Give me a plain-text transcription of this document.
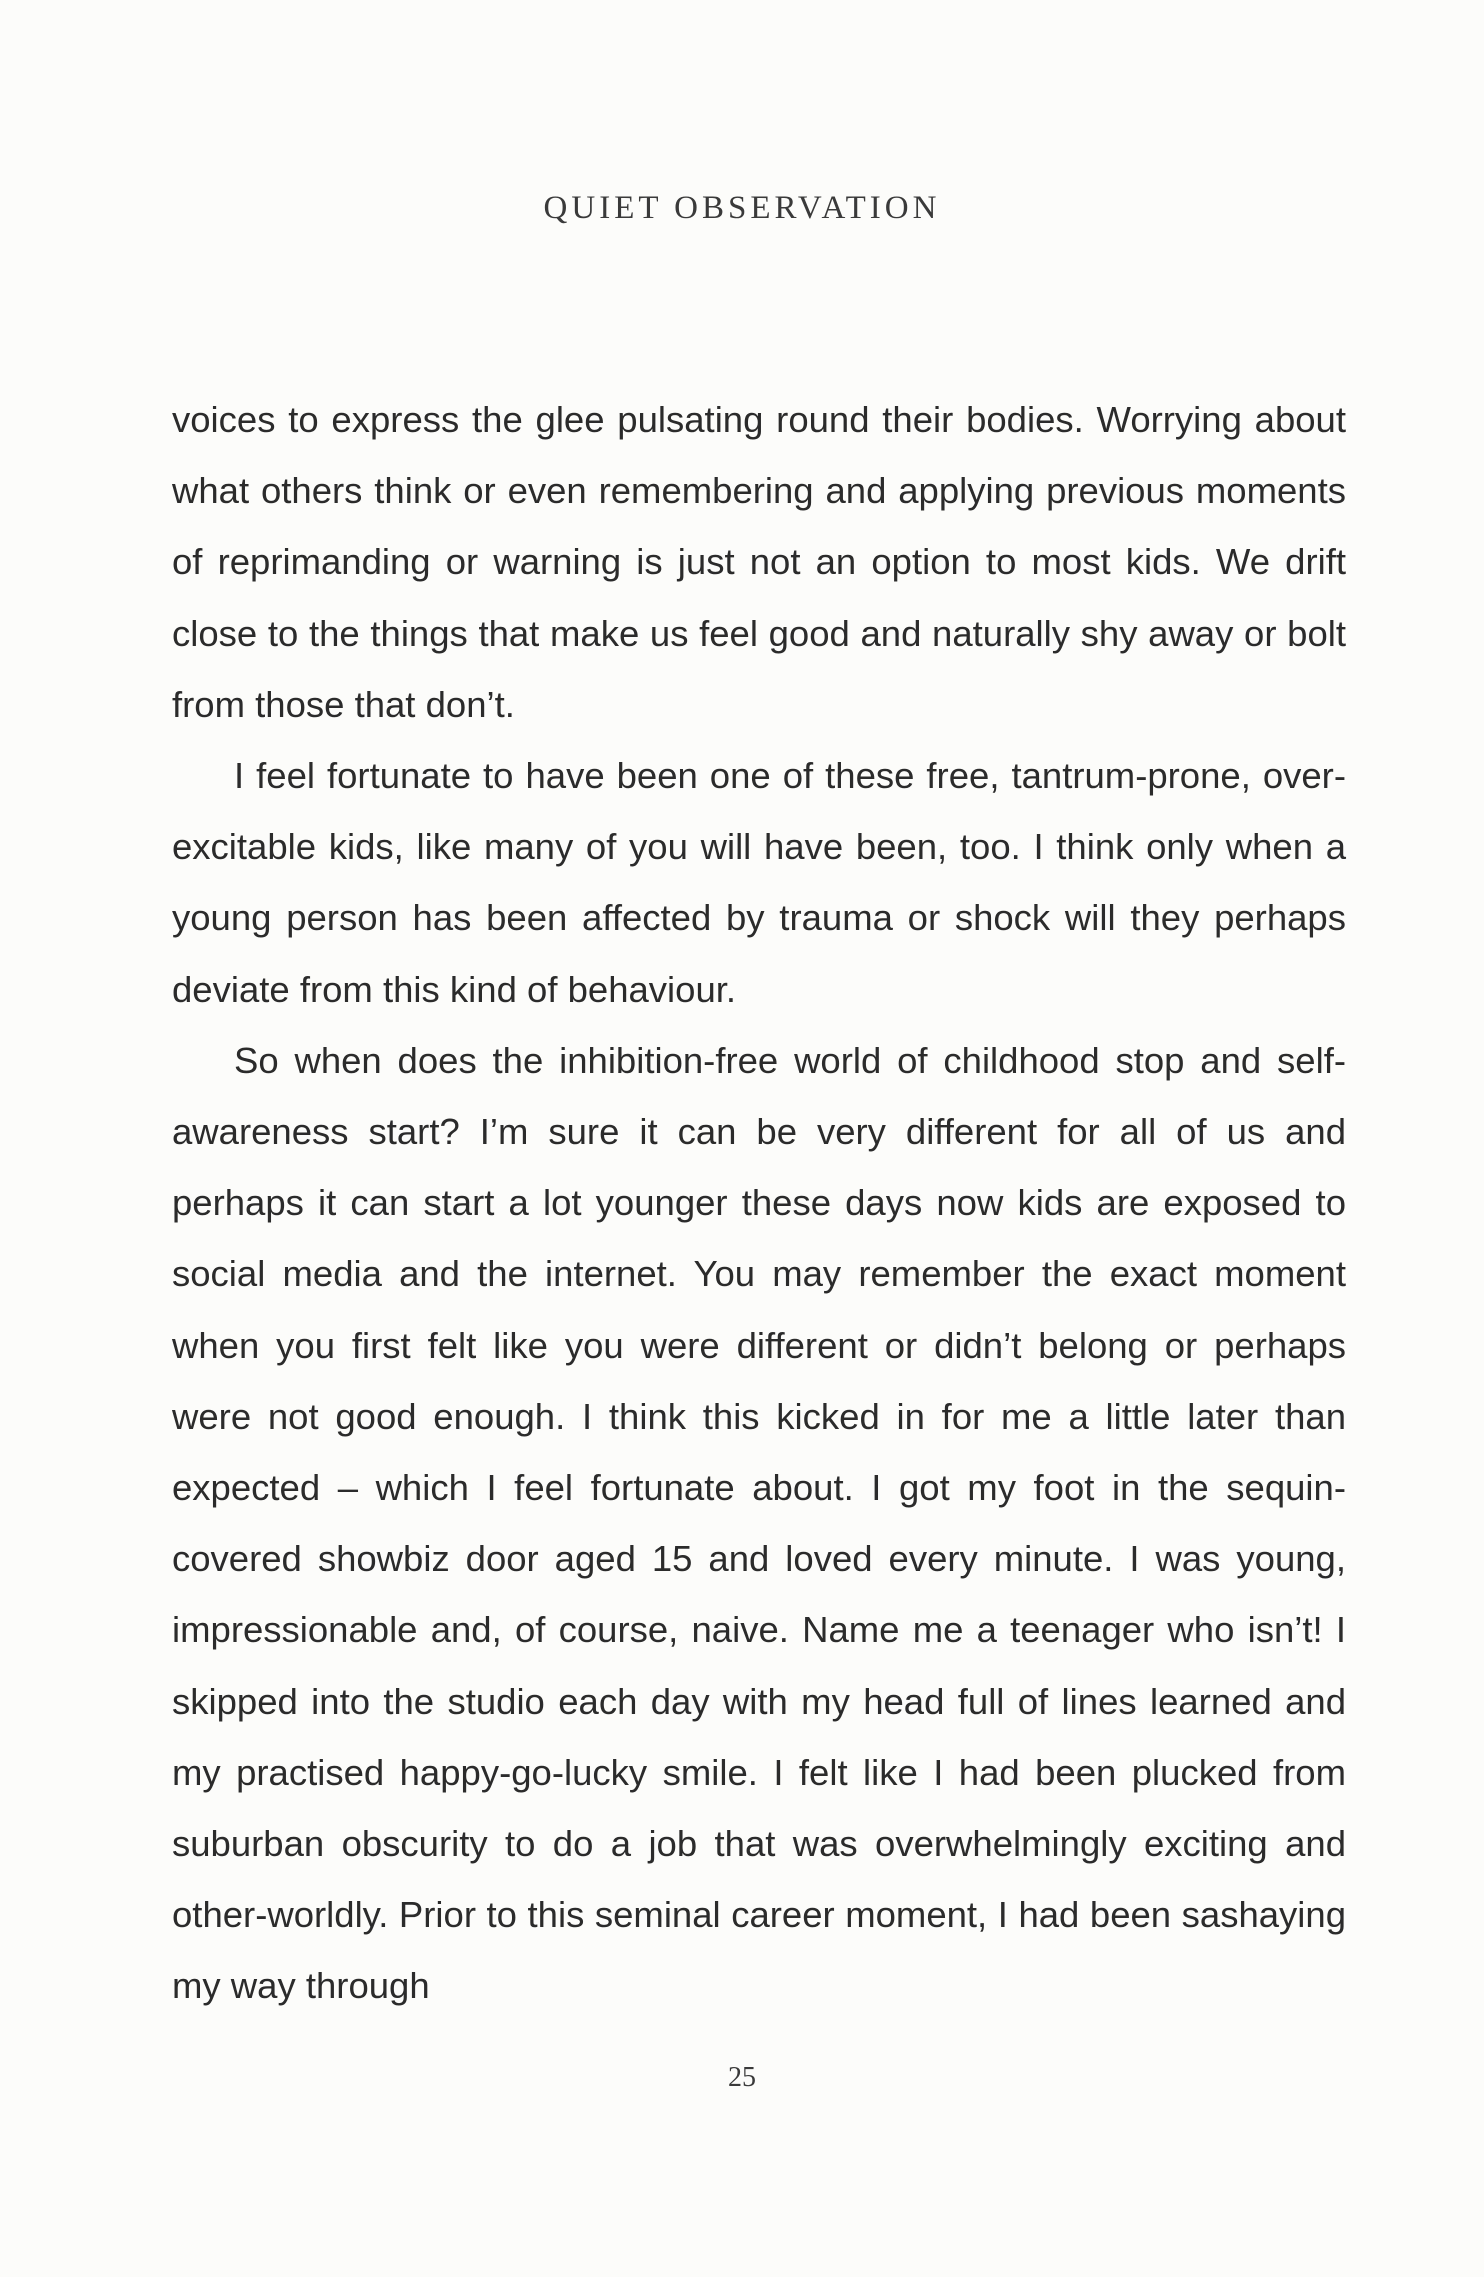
QUIET OBSERVATION

voices to express the glee pulsating round their bodies. Worrying about what others think or even remembering and applying previous moments of reprimanding or warning is just not an option to most kids. We drift close to the things that make us feel good and naturally shy away or bolt from those that don’t.

I feel fortunate to have been one of these free, tantrum-prone, over-excitable kids, like many of you will have been, too. I think only when a young person has been affected by trauma or shock will they perhaps deviate from this kind of behaviour.

So when does the inhibition-free world of childhood stop and self-awareness start? I’m sure it can be very different for all of us and perhaps it can start a lot younger these days now kids are exposed to social media and the internet. You may remember the exact moment when you first felt like you were different or didn’t belong or perhaps were not good enough. I think this kicked in for me a little later than expected – which I feel fortunate about. I got my foot in the sequin-covered showbiz door aged 15 and loved every minute. I was young, impressionable and, of course, naive. Name me a teenager who isn’t! I skipped into the studio each day with my head full of lines learned and my practised happy-go-lucky smile. I felt like I had been plucked from suburban obscurity to do a job that was overwhelmingly exciting and other-worldly. Prior to this seminal career moment, I had been sashaying my way through

25
